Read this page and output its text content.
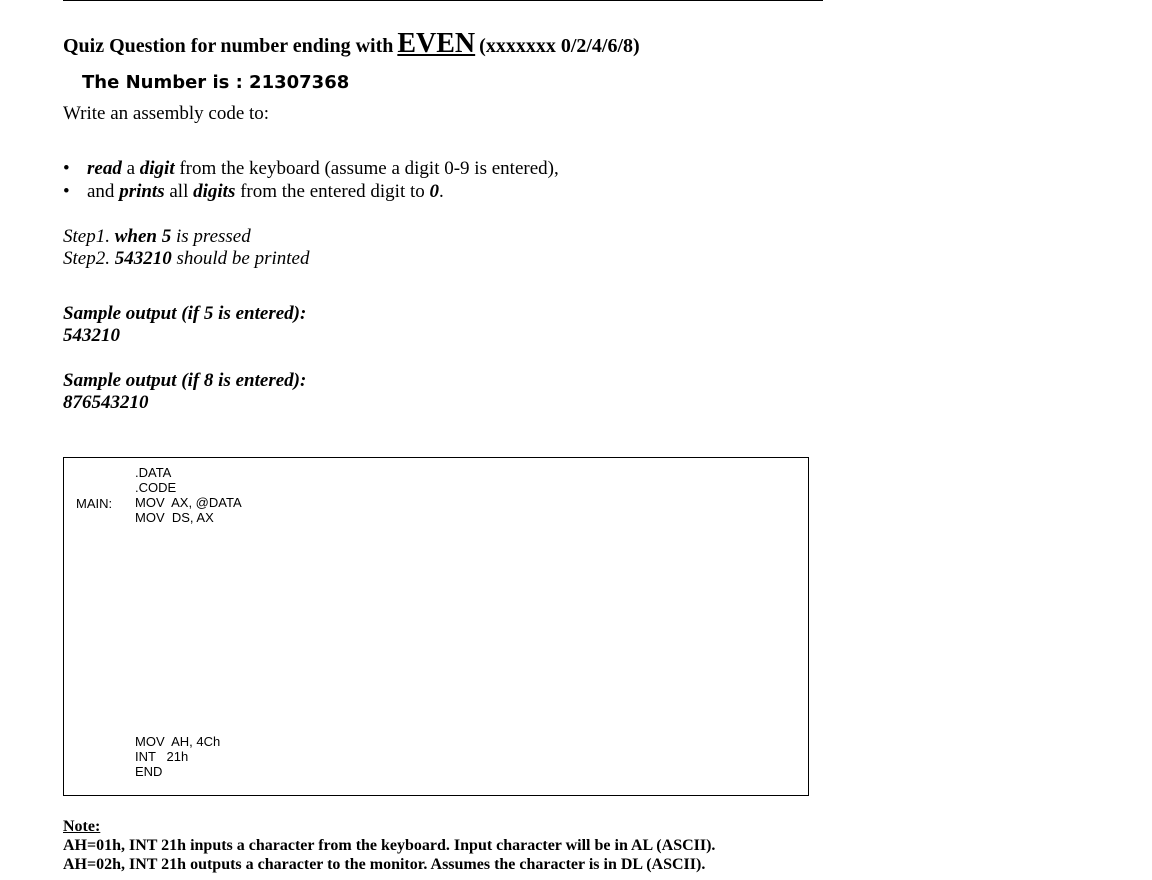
Quiz Question for number ending with EVEN (xxxxxxx 0/2/4/6/8)
The Number is : 21307368
Write an assembly code to:
• read a digit from the keyboard (assume a digit 0-9 is entered),
• and prints all digits from the entered digit to 0.
Step1. when 5 is pressed
Step2. 543210 should be printed
Sample output (if 5 is entered):
543210
Sample output (if 8 is entered):
876543210
MAIN:
.DATA
.CODE
MOV  AX, @DATA
MOV  DS, AX
MOV  AH, 4Ch
INT   21h
END
Note:
AH=01h, INT 21h inputs a character from the keyboard. Input character will be in AL (ASCII).
AH=02h, INT 21h outputs a character to the monitor. Assumes the character is in DL (ASCII).
